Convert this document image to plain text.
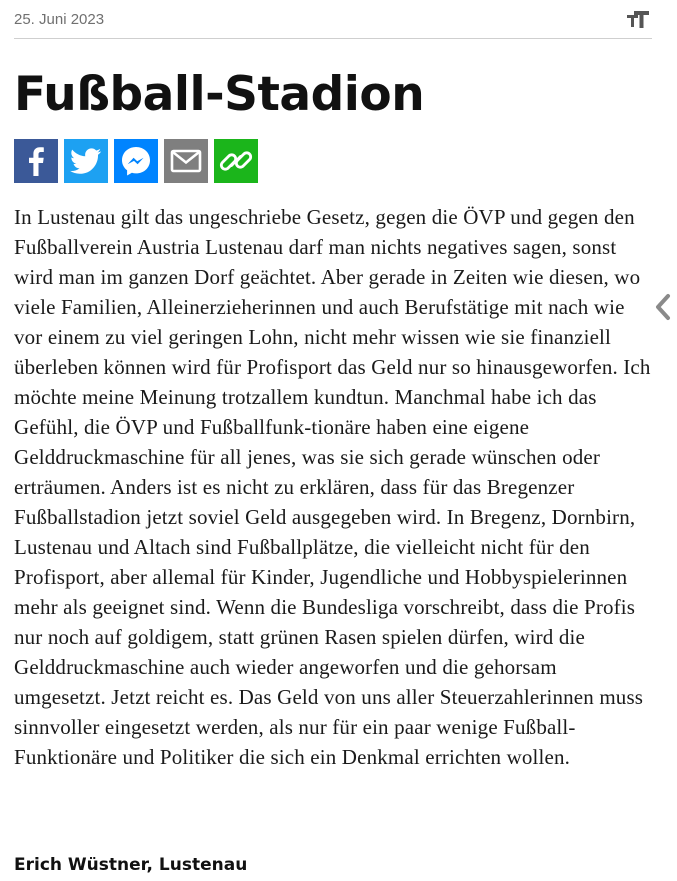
25. Juni 2023
Fußball-Stadion

In Lustenau gilt das ungeschriebe Gesetz, gegen die ÖVP und gegen den Fußballverein Austria Lustenau darf man nichts negatives sagen, sonst wird man im ganzen Dorf geächtet. Aber gerade in Zeiten wie diesen, wo viele Familien, Alleinerzieherinnen und auch Berufstätige mit nach wie vor einem zu viel geringen Lohn, nicht mehr wissen wie sie finanziell überleben können wird für Profisport das Geld nur so hinausgeworfen. Ich möchte meine Meinung trotzallem kundtun. Manchmal habe ich das Gefühl, die ÖVP und Fußballfunk-tionäre haben eine eigene Gelddruckmaschine für all jenes, was sie sich gerade wünschen oder erträumen. Anders ist es nicht zu erklären, dass für das Bregenzer Fußballstadion jetzt soviel Geld ausgegeben wird. In Bregenz, Dornbirn, Lustenau und Altach sind Fußballplätze, die vielleicht nicht für den Profisport, aber allemal für Kinder, Jugendliche und Hobbyspielerinnen mehr als geeignet sind. Wenn die Bundesliga vorschreibt, dass die Profis nur noch auf goldigem, statt grünen Rasen spielen dürfen, wird die Gelddruckmaschine auch wieder angeworfen und die gehorsam umgesetzt. Jetzt reicht es. Das Geld von uns aller Steuerzahlerinnen muss sinnvoller eingesetzt werden, als nur für ein paar wenige Fußball-Funktionäre und Politiker die sich ein Denkmal errichten wollen.

Erich Wüstner, Lustenau
